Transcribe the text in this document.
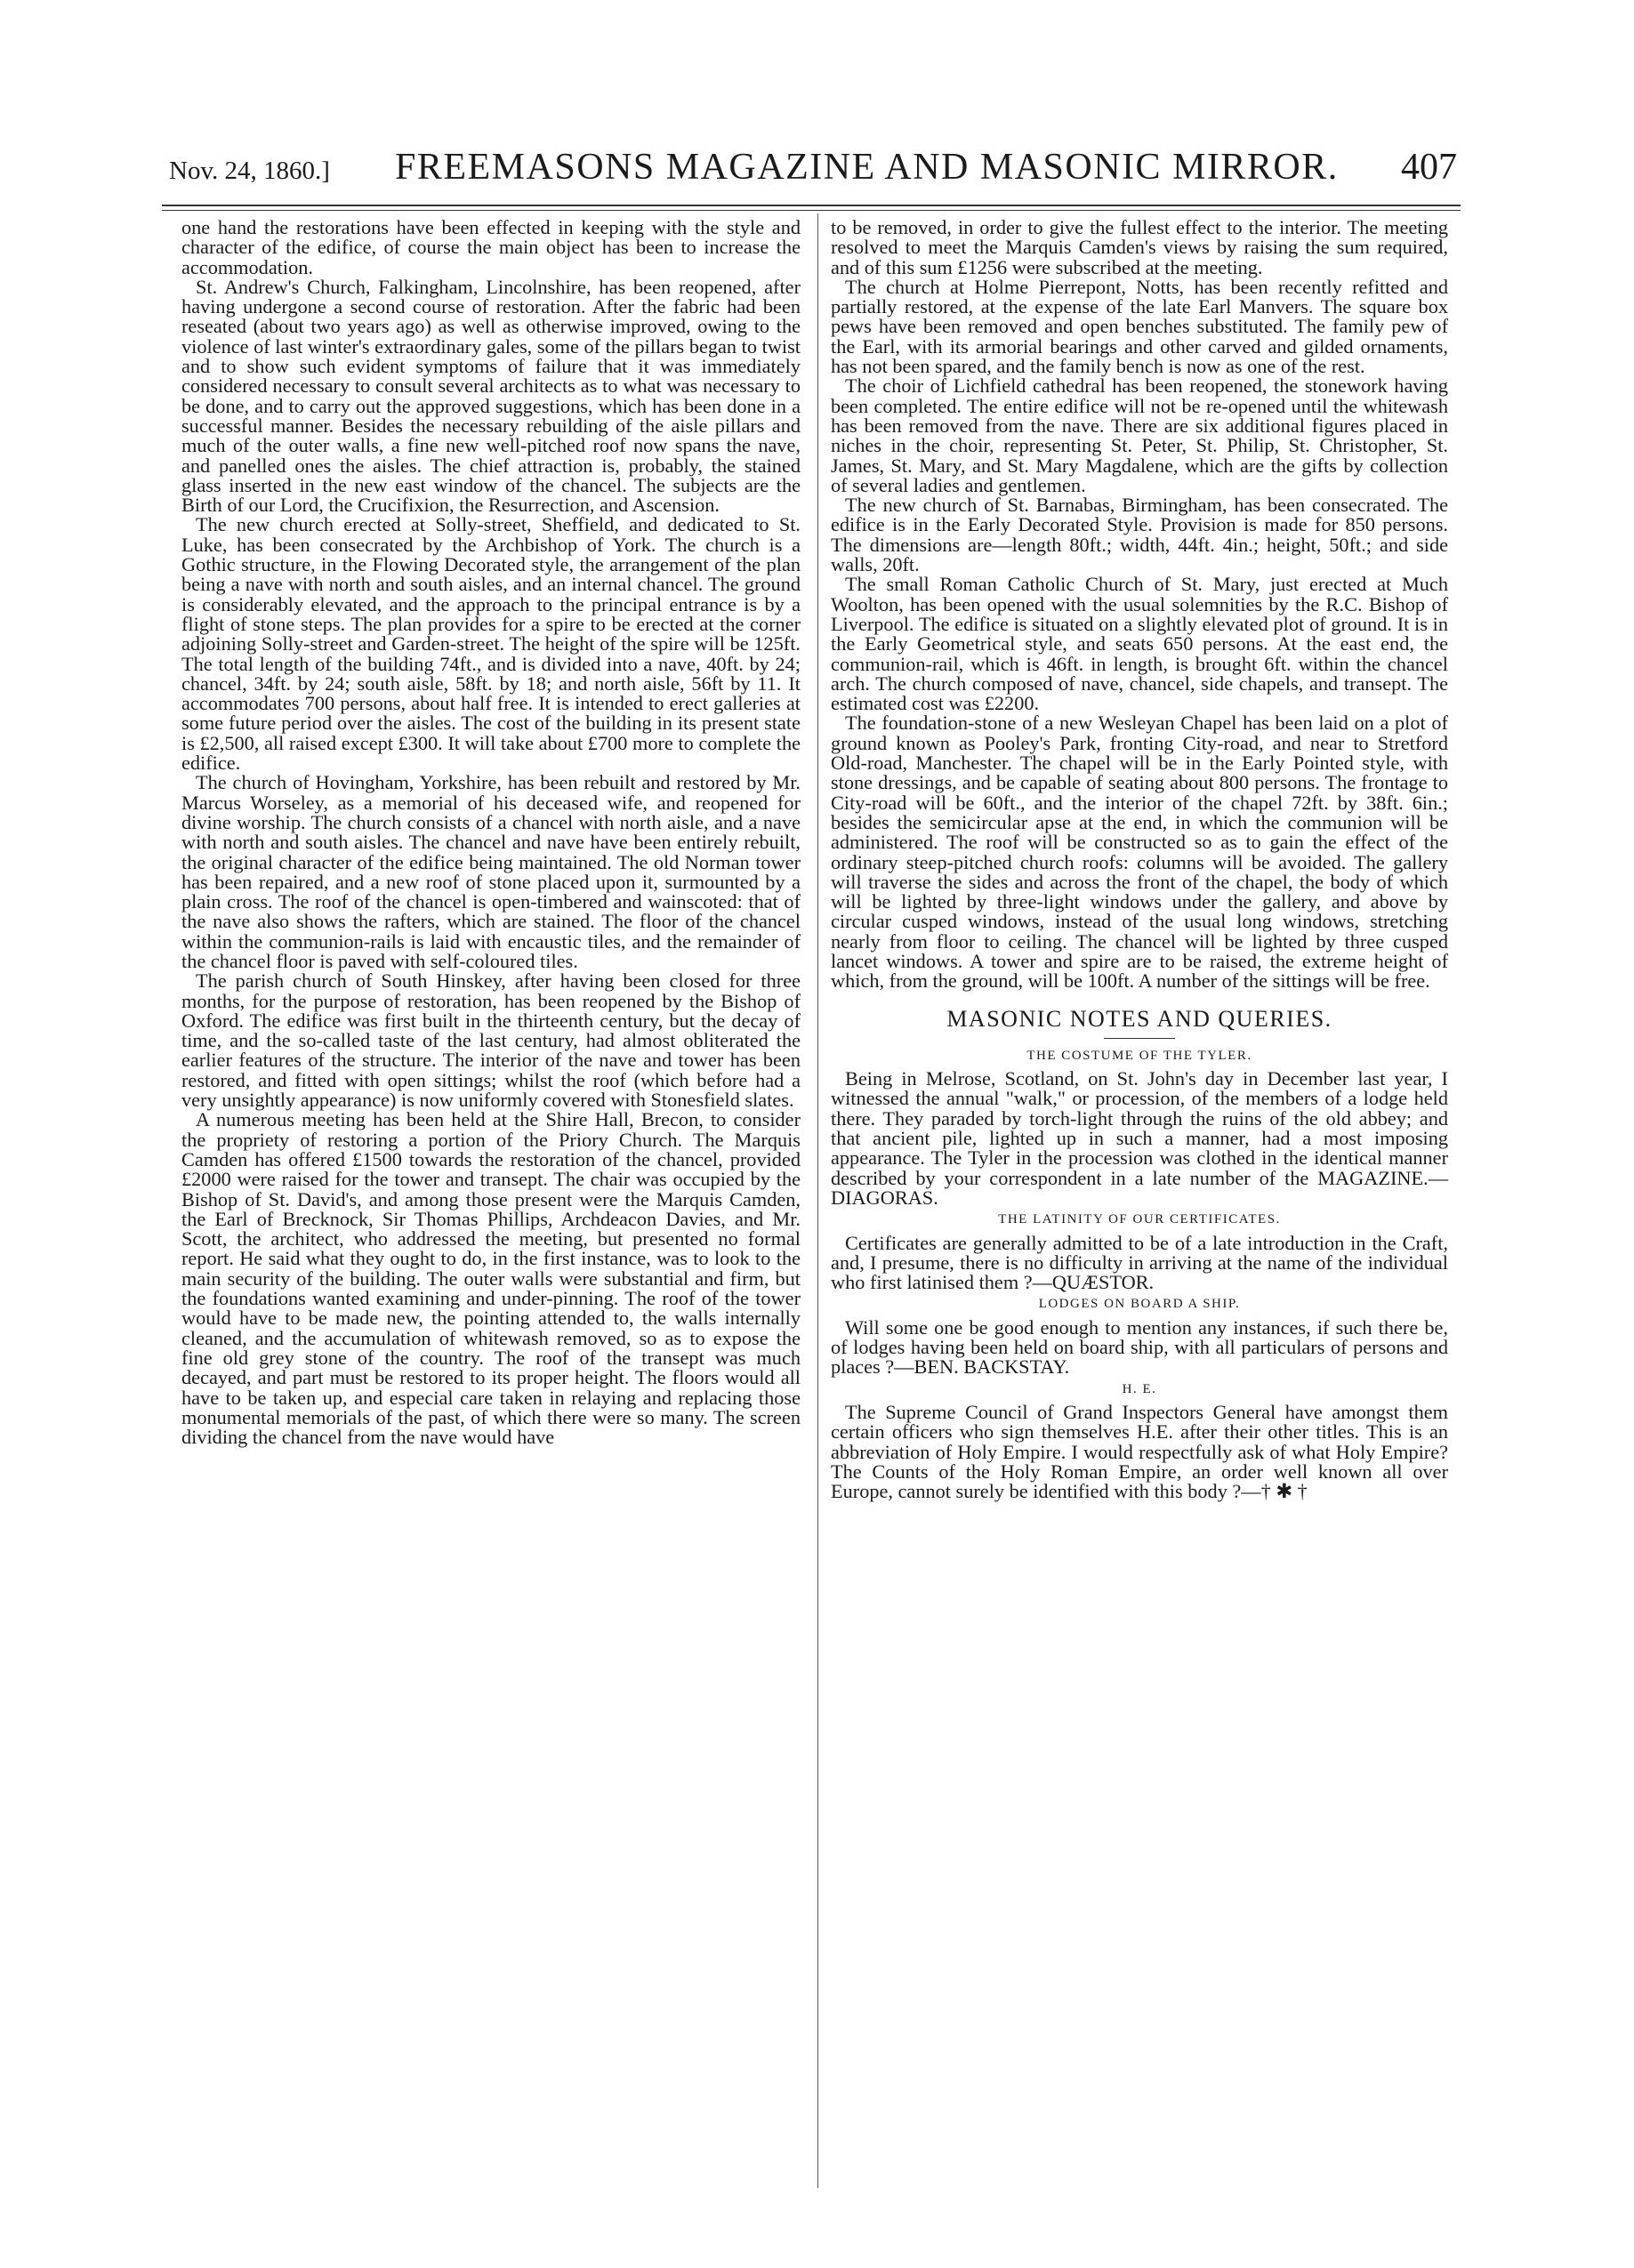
Nov. 24, 1860.] FREEMASONS MAGAZINE AND MASONIC MIRROR. 407

one hand the restorations have been effected in keeping with the style and character of the edifice, of course the main object has been to increase the accommodation.

St. Andrew's Church, Falkingham, Lincolnshire, has been reopened, after having undergone a second course of restoration. After the fabric had been reseated (about two years ago) as well as otherwise improved, owing to the violence of last winter's extraordinary gales, some of the pillars began to twist and to show such evident symptoms of failure that it was immediately considered necessary to consult several architects as to what was necessary to be done, and to carry out the approved suggestions, which has been done in a successful manner. Besides the necessary rebuilding of the aisle pillars and much of the outer walls, a fine new well-pitched roof now spans the nave, and panelled ones the aisles. The chief attraction is, probably, the stained glass inserted in the new east window of the chancel. The subjects are the Birth of our Lord, the Crucifixion, the Resurrection, and Ascension.

The new church erected at Solly-street, Sheffield, and dedicated to St. Luke, has been consecrated by the Archbishop of York. The church is a Gothic structure, in the Flowing Decorated style, the arrangement of the plan being a nave with north and south aisles, and an internal chancel. The ground is considerably elevated, and the approach to the principal entrance is by a flight of stone steps. The plan provides for a spire to be erected at the corner adjoining Solly-street and Garden-street. The height of the spire will be 125ft. The total length of the building 74ft., and is divided into a nave, 40ft. by 24; chancel, 34ft. by 24; south aisle, 58ft. by 18; and north aisle, 56ft by 11. It accommodates 700 persons, about half free. It is intended to erect galleries at some future period over the aisles. The cost of the building in its present state is £2,500, all raised except £300. It will take about £700 more to complete the edifice.

The church of Hovingham, Yorkshire, has been rebuilt and restored by Mr. Marcus Worseley, as a memorial of his deceased wife, and reopened for divine worship. The church consists of a chancel with north aisle, and a nave with north and south aisles. The chancel and nave have been entirely rebuilt, the original character of the edifice being maintained. The old Norman tower has been repaired, and a new roof of stone placed upon it, surmounted by a plain cross. The roof of the chancel is open-timbered and wainscoted: that of the nave also shows the rafters, which are stained. The floor of the chancel within the communion-rails is laid with encaustic tiles, and the remainder of the chancel floor is paved with self-coloured tiles.

The parish church of South Hinskey, after having been closed for three months, for the purpose of restoration, has been reopened by the Bishop of Oxford. The edifice was first built in the thirteenth century, but the decay of time, and the so-called taste of the last century, had almost obliterated the earlier features of the structure. The interior of the nave and tower has been restored, and fitted with open sittings; whilst the roof (which before had a very unsightly appearance) is now uniformly covered with Stonesfield slates.

A numerous meeting has been held at the Shire Hall, Brecon, to consider the propriety of restoring a portion of the Priory Church. The Marquis Camden has offered £1500 towards the restoration of the chancel, provided £2000 were raised for the tower and transept. The chair was occupied by the Bishop of St. David's, and among those present were the Marquis Camden, the Earl of Brecknock, Sir Thomas Phillips, Archdeacon Davies, and Mr. Scott, the architect, who addressed the meeting, but presented no formal report. He said what they ought to do, in the first instance, was to look to the main security of the building. The outer walls were substantial and firm, but the foundations wanted examining and under-pinning. The roof of the tower would have to be made new, the pointing attended to, the walls internally cleaned, and the accumulation of whitewash removed, so as to expose the fine old grey stone of the country. The roof of the transept was much decayed, and part must be restored to its proper height. The floors would all have to be taken up, and especial care taken in relaying and replacing those monumental memorials of the past, of which there were so many. The screen dividing the chancel from the nave would have

to be removed, in order to give the fullest effect to the interior. The meeting resolved to meet the Marquis Camden's views by raising the sum required, and of this sum £1256 were subscribed at the meeting.

The church at Holme Pierrepont, Notts, has been recently refitted and partially restored, at the expense of the late Earl Manvers. The square box pews have been removed and open benches substituted. The family pew of the Earl, with its armorial bearings and other carved and gilded ornaments, has not been spared, and the family bench is now as one of the rest.

The choir of Lichfield cathedral has been reopened, the stonework having been completed. The entire edifice will not be re-opened until the whitewash has been removed from the nave. There are six additional figures placed in niches in the choir, representing St. Peter, St. Philip, St. Christopher, St. James, St. Mary, and St. Mary Magdalene, which are the gifts by collection of several ladies and gentlemen.

The new church of St. Barnabas, Birmingham, has been consecrated. The edifice is in the Early Decorated Style. Provision is made for 850 persons. The dimensions are—length 80ft.; width, 44ft. 4in.; height, 50ft.; and side walls, 20ft.

The small Roman Catholic Church of St. Mary, just erected at Much Woolton, has been opened with the usual solemnities by the R.C. Bishop of Liverpool. The edifice is situated on a slightly elevated plot of ground. It is in the Early Geometrical style, and seats 650 persons. At the east end, the communion-rail, which is 46ft. in length, is brought 6ft. within the chancel arch. The church composed of nave, chancel, side chapels, and transept. The estimated cost was £2200.

The foundation-stone of a new Wesleyan Chapel has been laid on a plot of ground known as Pooley's Park, fronting City-road, and near to Stretford Old-road, Manchester. The chapel will be in the Early Pointed style, with stone dressings, and be capable of seating about 800 persons. The frontage to City-road will be 60ft., and the interior of the chapel 72ft. by 38ft. 6in.; besides the semicircular apse at the end, in which the communion will be administered. The roof will be constructed so as to gain the effect of the ordinary steep-pitched church roofs: columns will be avoided. The gallery will traverse the sides and across the front of the chapel, the body of which will be lighted by three-light windows under the gallery, and above by circular cusped windows, instead of the usual long windows, stretching nearly from floor to ceiling. The chancel will be lighted by three cusped lancet windows. A tower and spire are to be raised, the extreme height of which, from the ground, will be 100ft. A number of the sittings will be free.

MASONIC NOTES AND QUERIES.
THE COSTUME OF THE TYLER.

Being in Melrose, Scotland, on St. John's day in December last year, I witnessed the annual "walk," or procession, of the members of a lodge held there. They paraded by torch-light through the ruins of the old abbey; and that ancient pile, lighted up in such a manner, had a most imposing appearance. The Tyler in the procession was clothed in the identical manner described by your correspondent in a late number of the MAGAZINE.—DIAGORAS.

THE LATINITY OF OUR CERTIFICATES.

Certificates are generally admitted to be of a late introduction in the Craft, and, I presume, there is no difficulty in arriving at the name of the individual who first latinised them ?—QUÆSTOR.

LODGES ON BOARD A SHIP.

Will some one be good enough to mention any instances, if such there be, of lodges having been held on board ship, with all particulars of persons and places ?—BEN. BACKSTAY.

H. E.

The Supreme Council of Grand Inspectors General have amongst them certain officers who sign themselves H.E. after their other titles. This is an abbreviation of Holy Empire. I would respectfully ask of what Holy Empire? The Counts of the Holy Roman Empire, an order well known all over Europe, cannot surely be identified with this body ?—† ✱ †
